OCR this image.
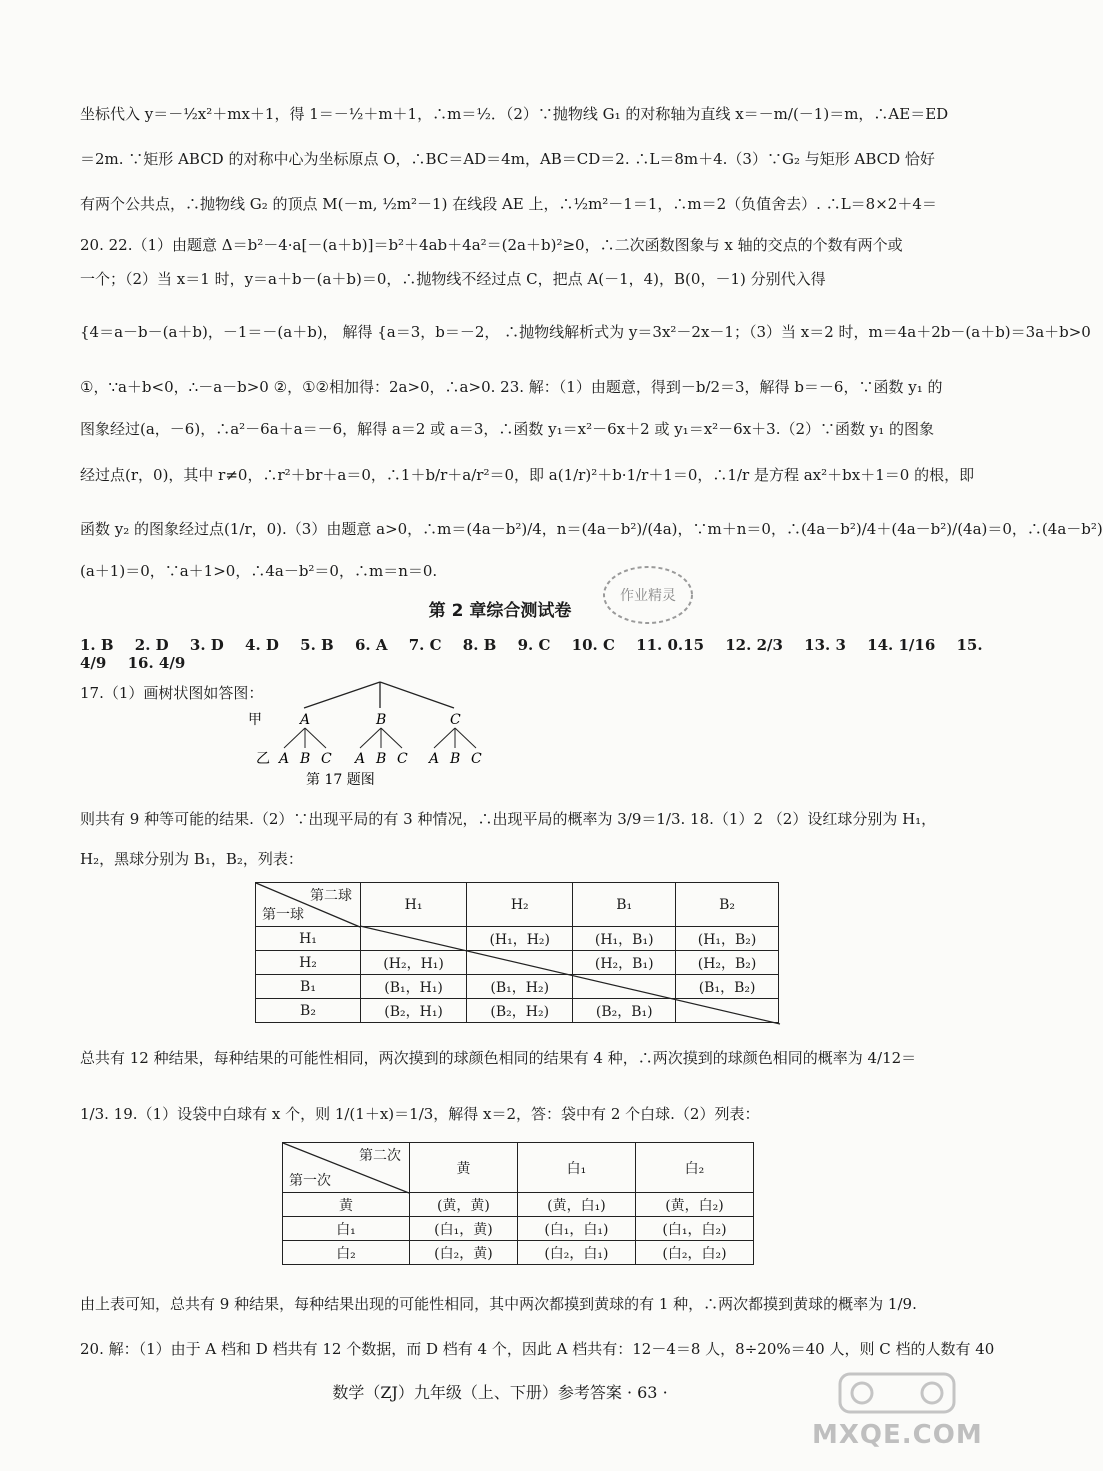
坐标代入 y＝－½x²＋mx＋1，得 1＝－½＋m＋1，∴m＝½．（2）∵抛物线 G₁ 的对称轴为直线 x＝－m/(－1)＝m，∴AE＝ED
＝2m. ∵矩形 ABCD 的对称中心为坐标原点 O，∴BC＝AD＝4m，AB＝CD＝2. ∴L＝8m＋4.（3）∵G₂ 与矩形 ABCD 恰好
有两个公共点，∴抛物线 G₂ 的顶点 M(－m, ½m²－1) 在线段 AE 上，∴½m²－1＝1，∴m＝2（负值舍去）. ∴L＝8×2＋4＝
20. 22.（1）由题意 Δ＝b²－4·a[－(a＋b)]＝b²＋4ab＋4a²＝(2a＋b)²≥0，∴二次函数图象与 x 轴的交点的个数有两个或
一个；（2）当 x＝1 时，y＝a＋b－(a＋b)＝0，∴抛物线不经过点 C，把点 A(－1，4)，B(0，－1) 分别代入得
{4＝a－b－(a＋b)，－1＝－(a＋b)， 解得 {a＝3，b＝－2， ∴抛物线解析式为 y＝3x²－2x－1；（3）当 x＝2 时，m＝4a＋2b－(a＋b)＝3a＋b>0
①，∵a＋b<0，∴－a－b>0 ②，①②相加得：2a>0，∴a>0. 23. 解：（1）由题意，得到－b/2＝3，解得 b＝－6，∵函数 y₁ 的
图象经过(a，－6)，∴a²－6a＋a＝－6，解得 a＝2 或 a＝3，∴函数 y₁＝x²－6x＋2 或 y₁＝x²－6x＋3.（2）∵函数 y₁ 的图象
经过点(r，0)，其中 r≠0，∴r²＋br＋a＝0，∴1＋b/r＋a/r²＝0，即 a(1/r)²＋b·1/r＋1＝0，∴1/r 是方程 ax²＋bx＋1＝0 的根，即
函数 y₂ 的图象经过点(1/r，0).（3）由题意 a>0，∴m＝(4a－b²)/4，n＝(4a－b²)/(4a)，∵m＋n＝0，∴(4a－b²)/4＋(4a－b²)/(4a)＝0，∴(4a－b²)
(a＋1)＝0，∵a＋1>0，∴4a－b²＝0，∴m＝n＝0.
第 2 章综合测试卷
作业精灵
1. B 2. D 3. D 4. D 5. B 6. A 7. C 8. B 9. C 10. C 11. 0.15 12. 2/3 13. 3 14. 1/16 15. 4/9 16. 4/9
17.（1）画树状图如答图：
甲	A	B	C
乙 A B C A B C A B C
第 17 题图
则共有 9 种等可能的结果.（2）∵出现平局的有 3 种情况，∴出现平局的概率为 3/9＝1/3. 18.（1）2 （2）设红球分别为 H₁，
H₂，黑球分别为 B₁，B₂，列表：
第二球
第一球	H₁	H₂	B₁	B₂
H₁		(H₁，H₂)	(H₁，B₁)	(H₁，B₂)
H₂	(H₂，H₁)		(H₂，B₁)	(H₂，B₂)
B₁	(B₁，H₁)	(B₁，H₂)		(B₁，B₂)
B₂	(B₂，H₁)	(B₂，H₂)	(B₂，B₁)	
总共有 12 种结果，每种结果的可能性相同，两次摸到的球颜色相同的结果有 4 种，∴两次摸到的球颜色相同的概率为 4/12＝
1/3. 19.（1）设袋中白球有 x 个，则 1/(1＋x)＝1/3，解得 x＝2，答：袋中有 2 个白球.（2）列表：
第二次
第一次	黄	白₁	白₂
黄	(黄，黄)	(黄，白₁)	(黄，白₂)
白₁	(白₁，黄)	(白₁，白₁)	(白₁，白₂)
白₂	(白₂，黄)	(白₂，白₁)	(白₂，白₂)
由上表可知，总共有 9 种结果，每种结果出现的可能性相同，其中两次都摸到黄球的有 1 种，∴两次都摸到黄球的概率为 1/9.
20. 解：（1）由于 A 档和 D 档共有 12 个数据，而 D 档有 4 个，因此 A 档共有：12－4＝8 人，8÷20%＝40 人，则 C 档的人数有 40
数学（ZJ）九年级（上、下册）参考答案 · 63 ·
MXQE.COM
